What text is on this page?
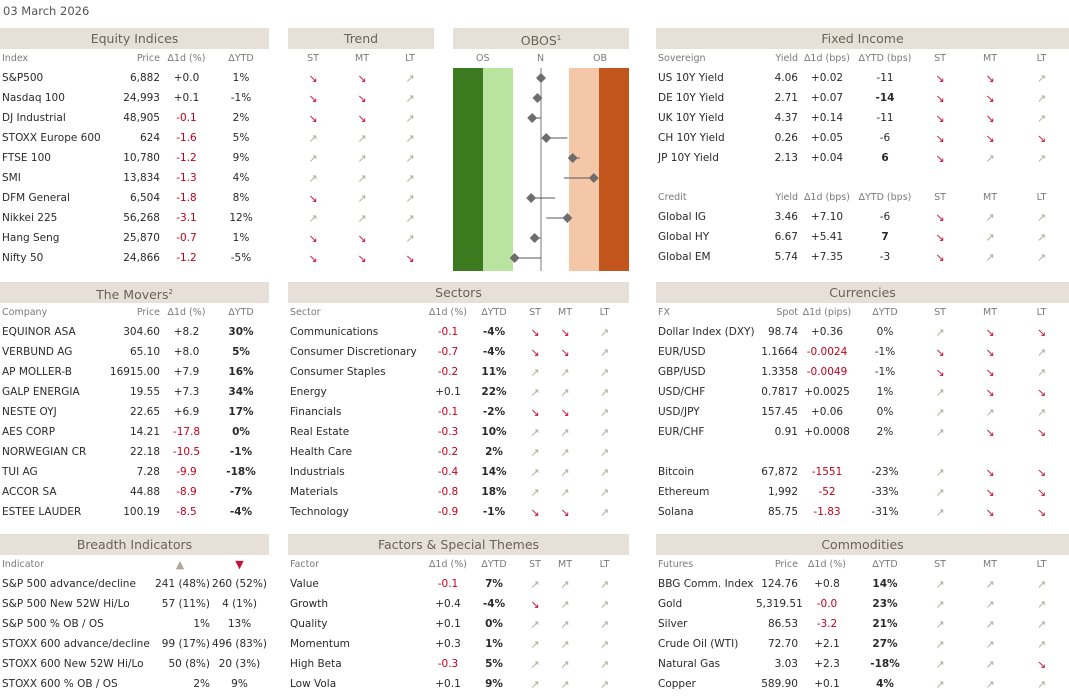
03 March 2026
Equity Indices
Index	Price	∆1d (%)	∆YTD
S&P500	6,882	+0.0	1%
Nasdaq 100	24,993	+0.1	-1%
DJ Industrial	48,905	-0.1	2%
STOXX Europe 600	624	-1.6	5%
FTSE 100	10,780	-1.2	9%
SMI	13,834	-1.3	4%
DFM General	6,504	-1.8	8%
Nikkei 225	56,268	-3.1	12%
Hang Seng	25,870	-0.7	1%
Nifty 50	24,866	-1.2	-5%
Trend
ST	MT	LT
↘	↘	↗
↘	↘	↗
↘	↘	↗
↗	↗	↗
↗	↗	↗
↗	↗	↗
↘	↗	↗
↗	↗	↗
↘	↘	↗
↘	↘	↘
OBOS$^1$
OS	N	OB
Fixed Income
Sovereign	Yield	∆1d (bps)	∆YTD (bps)	ST	MT	LT
US 10Y Yield	4.06	+0.02	-11	↘	↘	↗
DE 10Y Yield	2.71	+0.07	-14	↘	↘	↗
UK 10Y Yield	4.37	+0.14	-11	↘	↘	↗
CH 10Y Yield	0.26	+0.05	-6	↘	↘	↘
JP 10Y Yield	2.13	+0.04	6	↘	↗	↗

Credit	Yield	∆1d (bps)	∆YTD (bps)	ST	MT	LT
Global IG	3.46	+7.10	-6	↘	↗	↗
Global HY	6.67	+5.41	7	↘	↗	↗
Global EM	5.74	+7.35	-3	↘	↗	↗
The Movers$^2$
Company	Price	∆1d (%)	∆YTD
EQUINOR ASA	304.60	+8.2	30%
VERBUND AG	65.10	+8.0	5%
AP MOLLER-B	16915.00	+7.9	16%
GALP ENERGIA	19.55	+7.3	34%
NESTE OYJ	22.65	+6.9	17%
AES CORP	14.21	-17.8	0%
NORWEGIAN CR	22.18	-10.5	-1%
TUI AG	7.28	-9.9	-18%
ACCOR SA	44.88	-8.9	-7%
ESTEE LAUDER	100.19	-8.5	-4%
Sectors
Sector	∆1d (%)	∆YTD	ST	MT	LT
Communications	-0.1	-4%	↘	↘	↗
Consumer Discretionary	-0.7	-4%	↘	↘	↗
Consumer Staples	-0.2	11%	↗	↗	↗
Energy	+0.1	22%	↗	↗	↗
Financials	-0.1	-2%	↘	↘	↗
Real Estate	-0.3	10%	↗	↗	↗
Health Care	-0.2	2%	↗	↗	↗
Industrials	-0.4	14%	↗	↗	↗
Materials	-0.8	18%	↗	↗	↗
Technology	-0.9	-1%	↘	↘	↗
Currencies
FX	Spot	∆1d (pips)	∆YTD	ST	MT	LT
Dollar Index (DXY)	98.74	+0.36	0%	↗	↘	↘
EUR/USD	1.1664	-0.0024	-1%	↘	↘	↗
GBP/USD	1.3358	-0.0049	-1%	↘	↘	↗
USD/CHF	0.7817	+0.0025	1%	↗	↘	↘
USD/JPY	157.45	+0.06	0%	↗	↗	↗
EUR/CHF	0.91	+0.0008	2%	↗	↘	↘

Bitcoin	67,872	-1551	-23%	↗	↘	↘
Ethereum	1,992	-52	-33%	↗	↘	↘
Solana	85.75	-1.83	-31%	↗	↘	↘
Breadth Indicators
Indicator	▲	▼
S&P 500 advance/decline	241 (48%)	260 (52%)
S&P 500 New 52W Hi/Lo	57 (11%)	4 (1%)
S&P 500 % OB / OS	1%	13%
STOXX 600 advance/decline	99 (17%)	496 (83%)
STOXX 600 New 52W Hi/Lo	50 (8%)	20 (3%)
STOXX 600 % OB / OS	2%	9%
Factors & Special Themes
Factor	∆1d (%)	∆YTD	ST	MT	LT
Value	-0.1	7%	↗	↗	↗
Growth	+0.4	-4%	↘	↗	↗
Quality	+0.1	0%	↗	↗	↗
Momentum	+0.3	1%	↗	↗	↗
High Beta	-0.3	5%	↗	↗	↗
Low Vola	+0.1	9%	↗	↗	↗
Commodities
Futures	Price	∆1d (%)	∆YTD	ST	MT	LT
BBG Comm. Index	124.76	+0.8	14%	↗	↗	↗
Gold	5,319.51	-0.0	23%	↗	↗	↗
Silver	86.53	-3.2	21%	↗	↗	↗
Crude Oil (WTI)	72.70	+2.1	27%	↗	↗	↗
Natural Gas	3.03	+2.3	-18%	↗	↗	↘
Copper	589.90	+0.1	4%	↗	↗	↗
